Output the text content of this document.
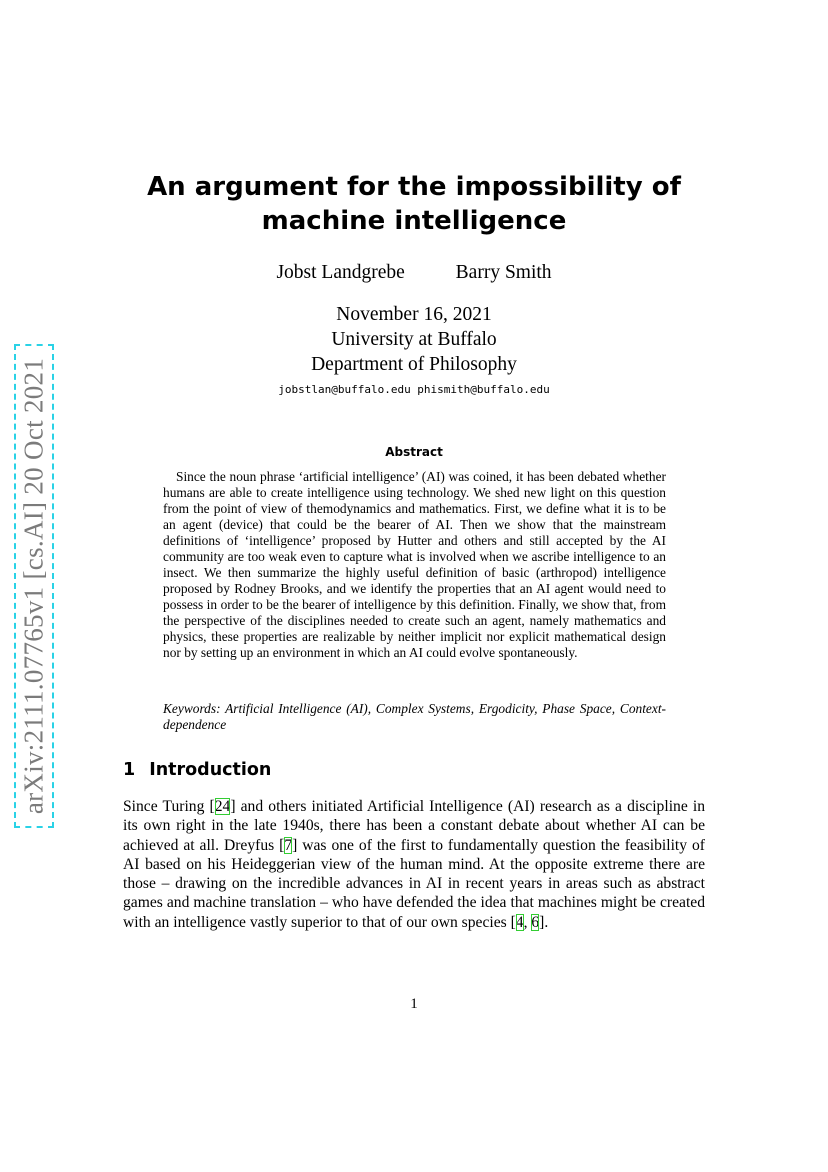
arXiv:2111.07765v1 [cs.AI] 20 Oct 2021
An argument for the impossibility of
machine intelligence
Jobst Landgrebe	Barry Smith
November 16, 2021
University at Buffalo
Department of Philosophy
jobstlan@buffalo.edu phismith@buffalo.edu
Abstract
Since the noun phrase ‘artificial intelligence’ (AI) was coined, it has been debated whether humans are able to create intelligence using technology. We shed new light on this question from the point of view of themodynamics and mathematics. First, we define what it is to be an agent (device) that could be the bearer of AI. Then we show that the mainstream definitions of ‘intelligence’ proposed by Hutter and others and still accepted by the AI community are too weak even to capture what is involved when we ascribe intelligence to an insect. We then summarize the highly useful definition of basic (arthropod) intelligence proposed by Rodney Brooks, and we identify the properties that an AI agent would need to possess in order to be the bearer of intelligence by this definition. Finally, we show that, from the perspective of the disciplines needed to create such an agent, namely mathematics and physics, these properties are realizable by neither implicit nor explicit mathematical design nor by setting up an environment in which an AI could evolve spontaneously.
Keywords: Artificial Intelligence (AI), Complex Systems, Ergodicity, Phase Space, Context-dependence
1 Introduction
Since Turing [24] and others initiated Artificial Intelligence (AI) research as a discipline in its own right in the late 1940s, there has been a constant debate about whether AI can be achieved at all. Dreyfus [7] was one of the first to fundamentally question the feasibility of AI based on his Heideggerian view of the human mind. At the opposite extreme there are those – drawing on the incredible advances in AI in recent years in areas such as abstract games and machine translation – who have defended the idea that machines might be created with an intelligence vastly superior to that of our own species [4, 6].
1
